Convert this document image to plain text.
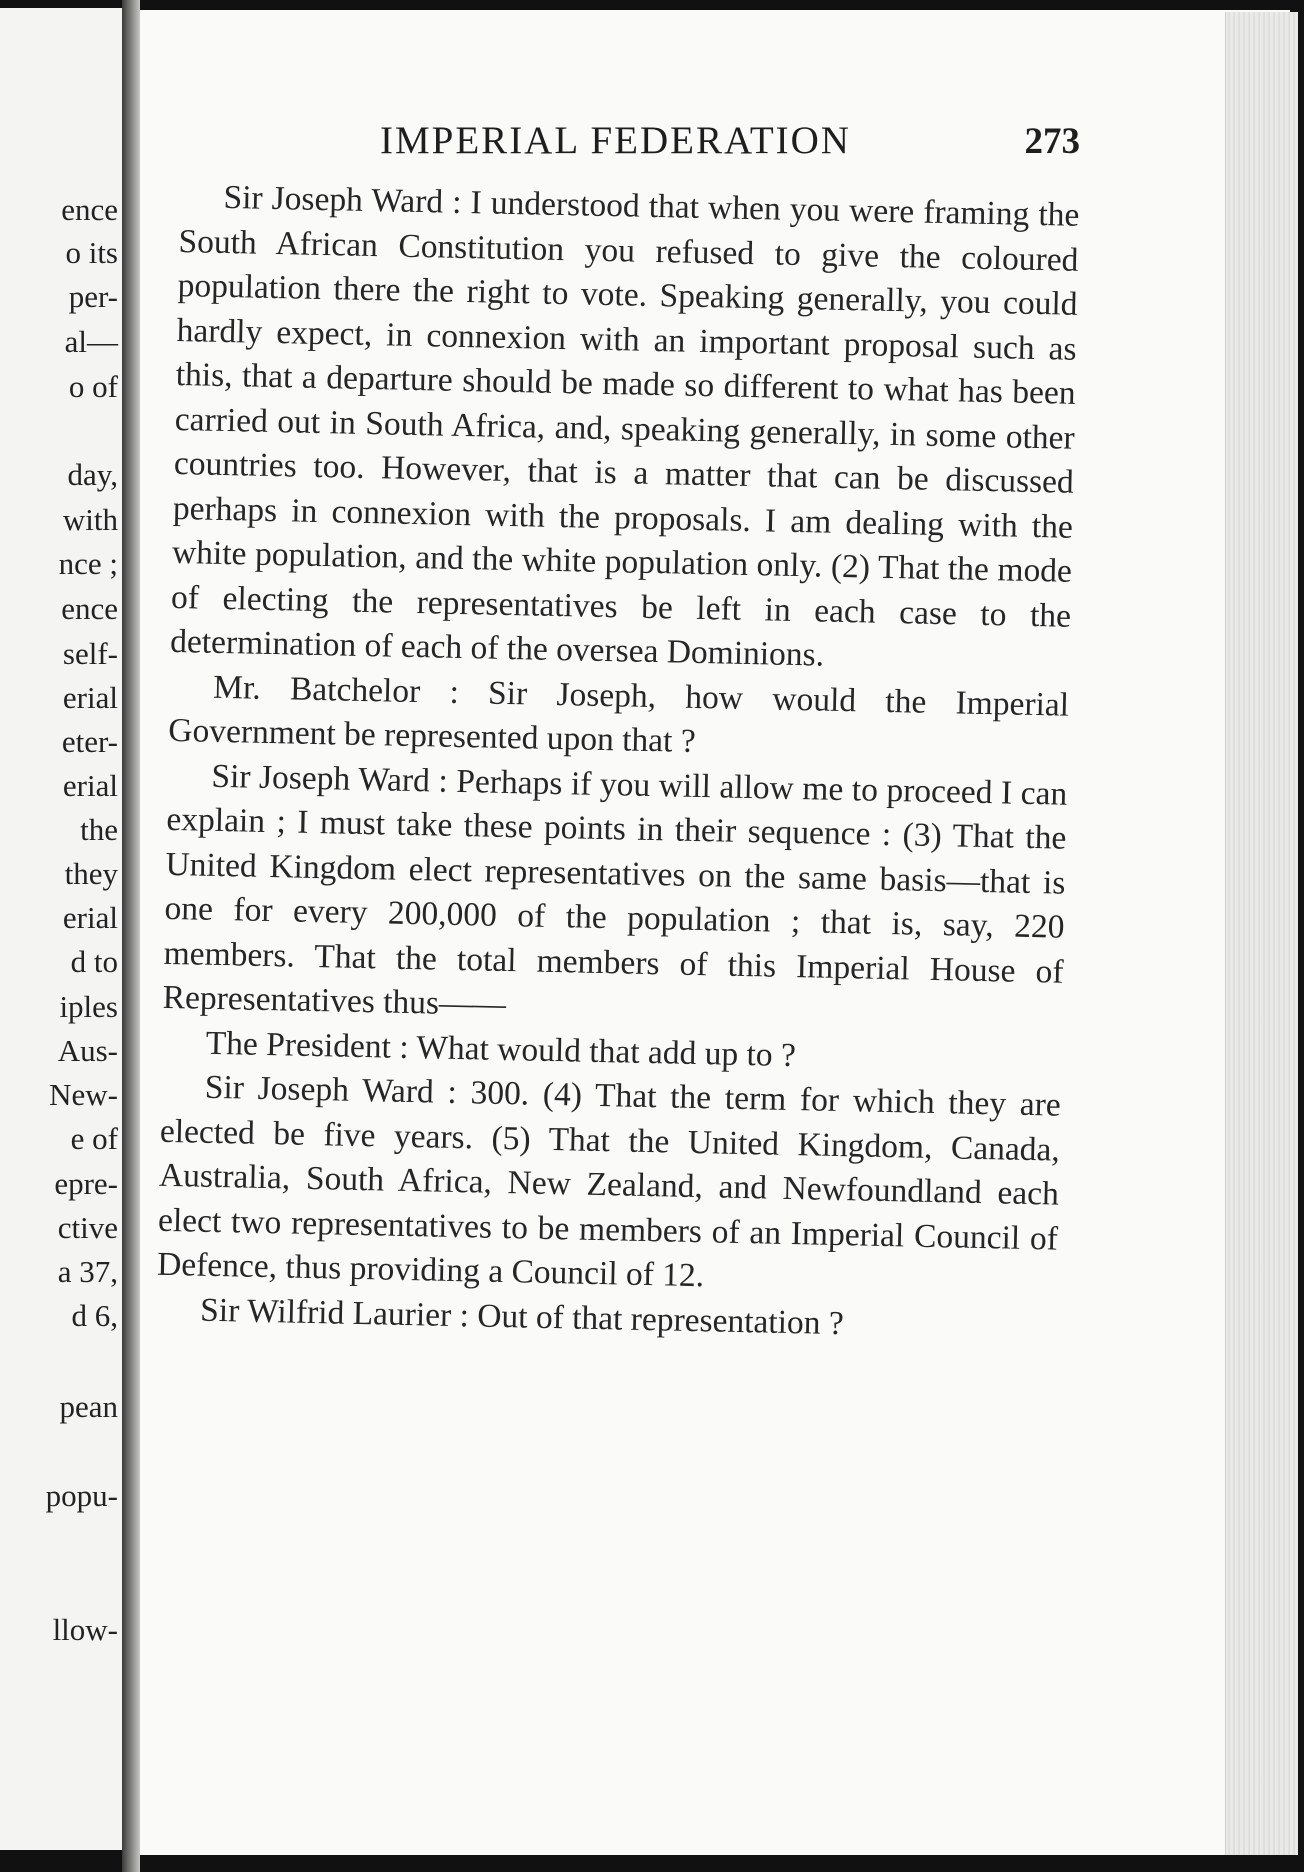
ence
o its
per-
al—
o of
day,
with
nce ;
ence
self-
erial
eter-
erial
the
they
erial
d to
iples
Aus-
New-
e of
epre-
ctive
a 37,
d 6,
pean
popu-
llow-
IMPERIAL FEDERATION	273

Sir Joseph Ward : I understood that when you were framing the South African Constitution you refused to give the coloured population there the right to vote. Speaking generally, you could hardly expect, in connexion with an important proposal such as this, that a departure should be made so different to what has been carried out in South Africa, and, speaking generally, in some other countries too. However, that is a matter that can be discussed perhaps in connexion with the proposals. I am dealing with the white population, and the white population only. (2) That the mode of electing the representatives be left in each case to the determination of each of the oversea Dominions.

Mr. Batchelor : Sir Joseph, how would the Imperial Government be represented upon that ?

Sir Joseph Ward : Perhaps if you will allow me to proceed I can explain ; I must take these points in their sequence : (3) That the United Kingdom elect representatives on the same basis—that is one for every 200,000 of the population ; that is, say, 220 members. That the total members of this Imperial House of Representatives thus——

The President : What would that add up to ?

Sir Joseph Ward : 300. (4) That the term for which they are elected be five years. (5) That the United Kingdom, Canada, Australia, South Africa, New Zealand, and Newfoundland each elect two representatives to be members of an Imperial Council of Defence, thus providing a Council of 12.

Sir Wilfrid Laurier : Out of that representation ?
